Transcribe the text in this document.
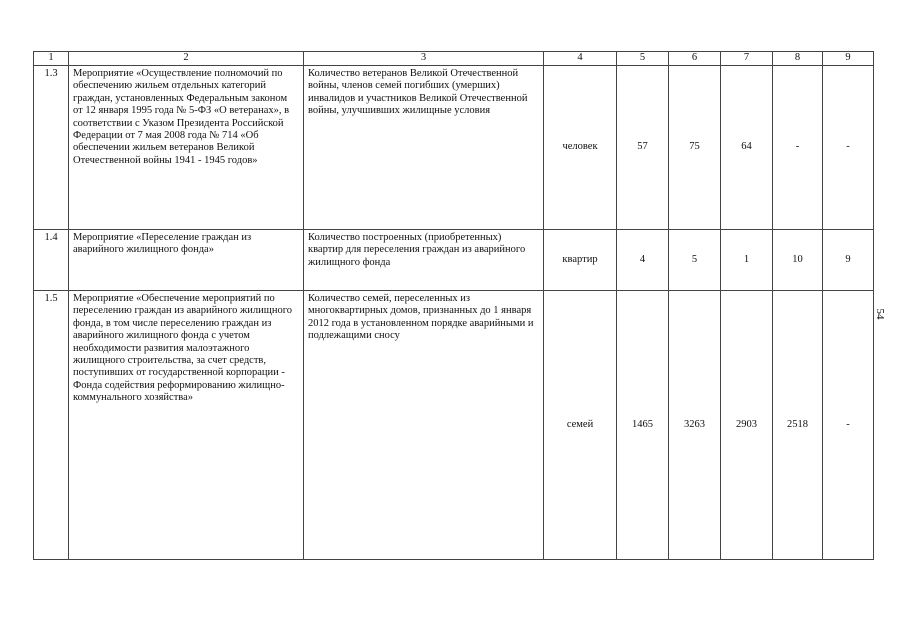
1	2	3	4	5	6	7	8	9
1.3	Мероприятие «Осуществление полномочий по обеспечению жильем отдельных категорий граждан, установленных Федеральным законом от 12 января 1995 года № 5-ФЗ «О ветеранах», в соответствии с Указом Президента Российской Федерации от 7 мая 2008 года № 714 «Об обеспечении жильем ветеранов Великой Отечественной войны 1941 - 1945 годов»	Количество ветеранов Великой Отечественной войны, членов семей погибших (умерших) инвалидов и участников Великой Отечественной войны, улучшивших жилищные условия	человек	57	75	64	-	-
1.4	Мероприятие «Переселение граждан из аварийного жилищного фонда»	Количество построенных (приобретенных) квартир для переселения граждан из аварийного жилищного фонда	квартир	4	5	1	10	9
1.5	Мероприятие «Обеспечение мероприятий по переселению граждан из аварийного жилищного фонда, в том числе переселению граждан из аварийного жилищного фонда с учетом необходимости развития малоэтажного жилищного строительства, за счет средств, поступивших от государственной корпорации - Фонда содействия реформированию жилищно-коммунального хозяйства»	Количество семей, переселенных из многоквартирных домов, признанных до 1 января 2012 года в установленном порядке аварийными и подлежащими сносу	семей	1465	3263	2903	2518	-
54
